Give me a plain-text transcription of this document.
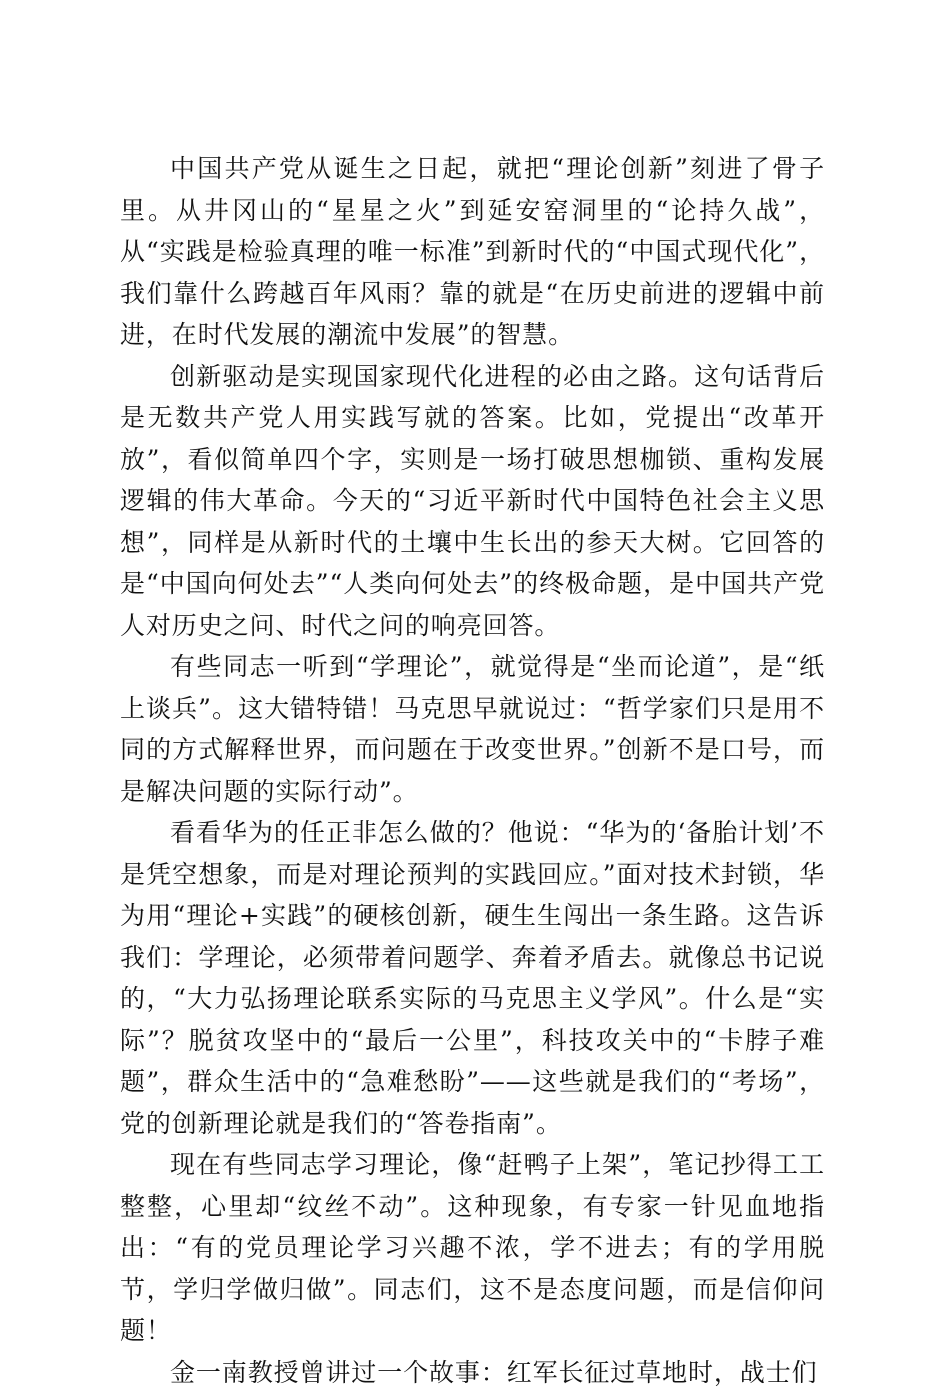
中国共产党从诞生之日起，就把“理论创新”刻进了骨子里。从井冈山的“星星之火”到延安窑洞里的“论持久战”，从“实践是检验真理的唯一标准”到新时代的“中国式现代化”，我们靠什么跨越百年风雨？靠的就是“在历史前进的逻辑中前进，在时代发展的潮流中发展”的智慧。

创新驱动是实现国家现代化进程的必由之路。这句话背后是无数共产党人用实践写就的答案。比如，党提出“改革开放”，看似简单四个字，实则是一场打破思想枷锁、重构发展逻辑的伟大革命。今天的“习近平新时代中国特色社会主义思想”，同样是从新时代的土壤中生长出的参天大树。它回答的是“中国向何处去”“人类向何处去”的终极命题，是中国共产党人对历史之问、时代之问的响亮回答。

有些同志一听到“学理论”，就觉得是“坐而论道”，是“纸上谈兵”。这大错特错！马克思早就说过：“哲学家们只是用不同的方式解释世界，而问题在于改变世界。”创新不是口号，而是解决问题的实际行动”。

看看华为的任正非怎么做的？他说：“华为的‘备胎计划’不是凭空想象，而是对理论预判的实践回应。”面对技术封锁，华为用“理论+实践”的硬核创新，硬生生闯出一条生路。这告诉我们：学理论，必须带着问题学、奔着矛盾去。就像总书记说的，“大力弘扬理论联系实际的马克思主义学风”。什么是“实际”？脱贫攻坚中的“最后一公里”，科技攻关中的“卡脖子难题”，群众生活中的“急难愁盼”——这些就是我们的“考场”，党的创新理论就是我们的“答卷指南”。

现在有些同志学习理论，像“赶鸭子上架”，笔记抄得工工整整，心里却“纹丝不动”。这种现象，有专家一针见血地指出：“有的党员理论学习兴趣不浓，学不进去；有的学用脱节，学归学做归做”。同志们，这不是态度问题，而是信仰问题！

金一南教授曾讲过一个故事：红军长征过草地时，战士们
